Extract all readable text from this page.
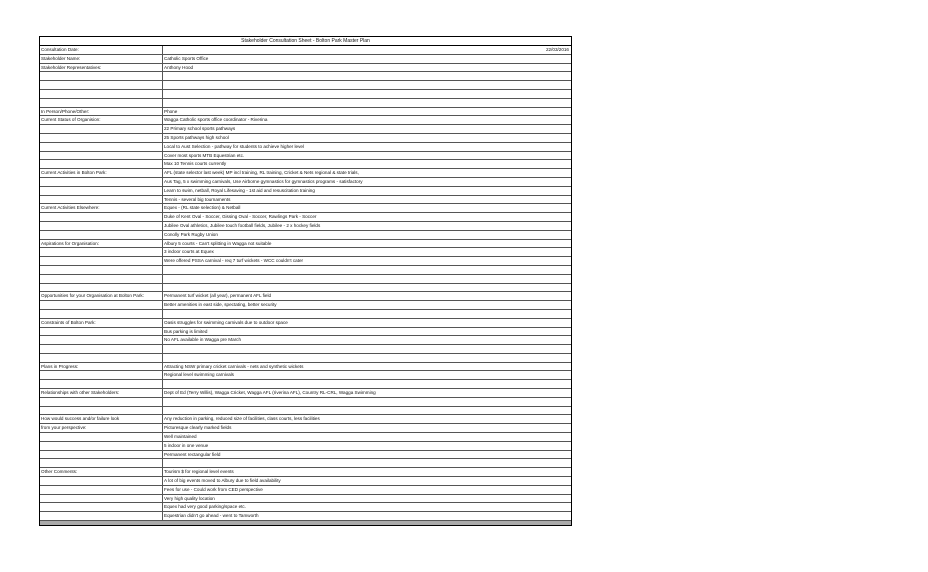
Stakeholder Consultation Sheet - Bolton Park Master Plan
Consultation Date:	22/03/2016
Stakeholder Name:	Catholic Sports Office
Stakeholder Representatives:	Anthony Hood
In Person/Phone/Other:	Phone
Current Status of Organision:	Wagga Catholic sports office coordinator - Riverina
22 Primary school sports pathways
25 Sports pathways high school
Local to Aust Selection - pathway for students to achieve higher level
Cover most sports MTB Equestrian etc.
Max 10 Tennis courts currently
Current Activities in Bolton Park:	AFL (state selector last week) MP incl training, RL training, Cricket & Nets regional & state trials,
Aus Tag, 5 x swimming carnivals, Use Airborne gymnastics for gymnastics programs - satisfactory
Learn to swim, netball, Royal Lifesaving - 1st aid and resuscitation training
Tennis - several big tournaments
Current Activities Elsewhere:	Equex - (RL state selection) & Netball
Duke of Kent Oval - Soccer, Gissing Oval - Soccer, Rawlings Park - Soccer
Jubilee Oval athletics, Jubilee touch football fields, Jubilee - 2 x hockey fields
Conolly Park Rugby Union
Aspirations for Organisation:	Albury 5 courts - Can't splitting in Wagga not suitable
3 indoor courts at Equex
Were offered PSSA carnival - req 7 turf wickets - WCC couldn't cater
Opportunities for your Organisation at Bolton Park:	Permanent turf wicket (all year), permanent AFL field
Better amenities in east side, spectating, better security
Constraints of Bolton Park:	Oasis struggles for swimming carnivals due to outdoor space
Bus parking is limited
No AFL available in Wagga pre March
Plans in Progress:	Attracting NSW primary cricket carnivals - nets and synthetic wickets
Regional level swimming carnivals
Relationships with other Stakeholders:	Dept of Ed (Terry Willis), Wagga Cricket, Wagga AFL (riverina AFL), Country RL-CRL, Wagga Swimming
How would success and/or failure look	Any reduction in parking, reduced size of facilities, class courts, less facilities
from your perspective:	Picturesque clearly marked fields
Well maintained
5 indoor in one venue
Permanent rectangular field
Other Comments:	Tourism $ for regional level events
A lot of big events moved to Albury due to field availability
Fees for use - Could work from CED perspective
Very high quality location
Equex had very good parking/space etc.
Equestrian didn't go ahead - went to Tamworth
